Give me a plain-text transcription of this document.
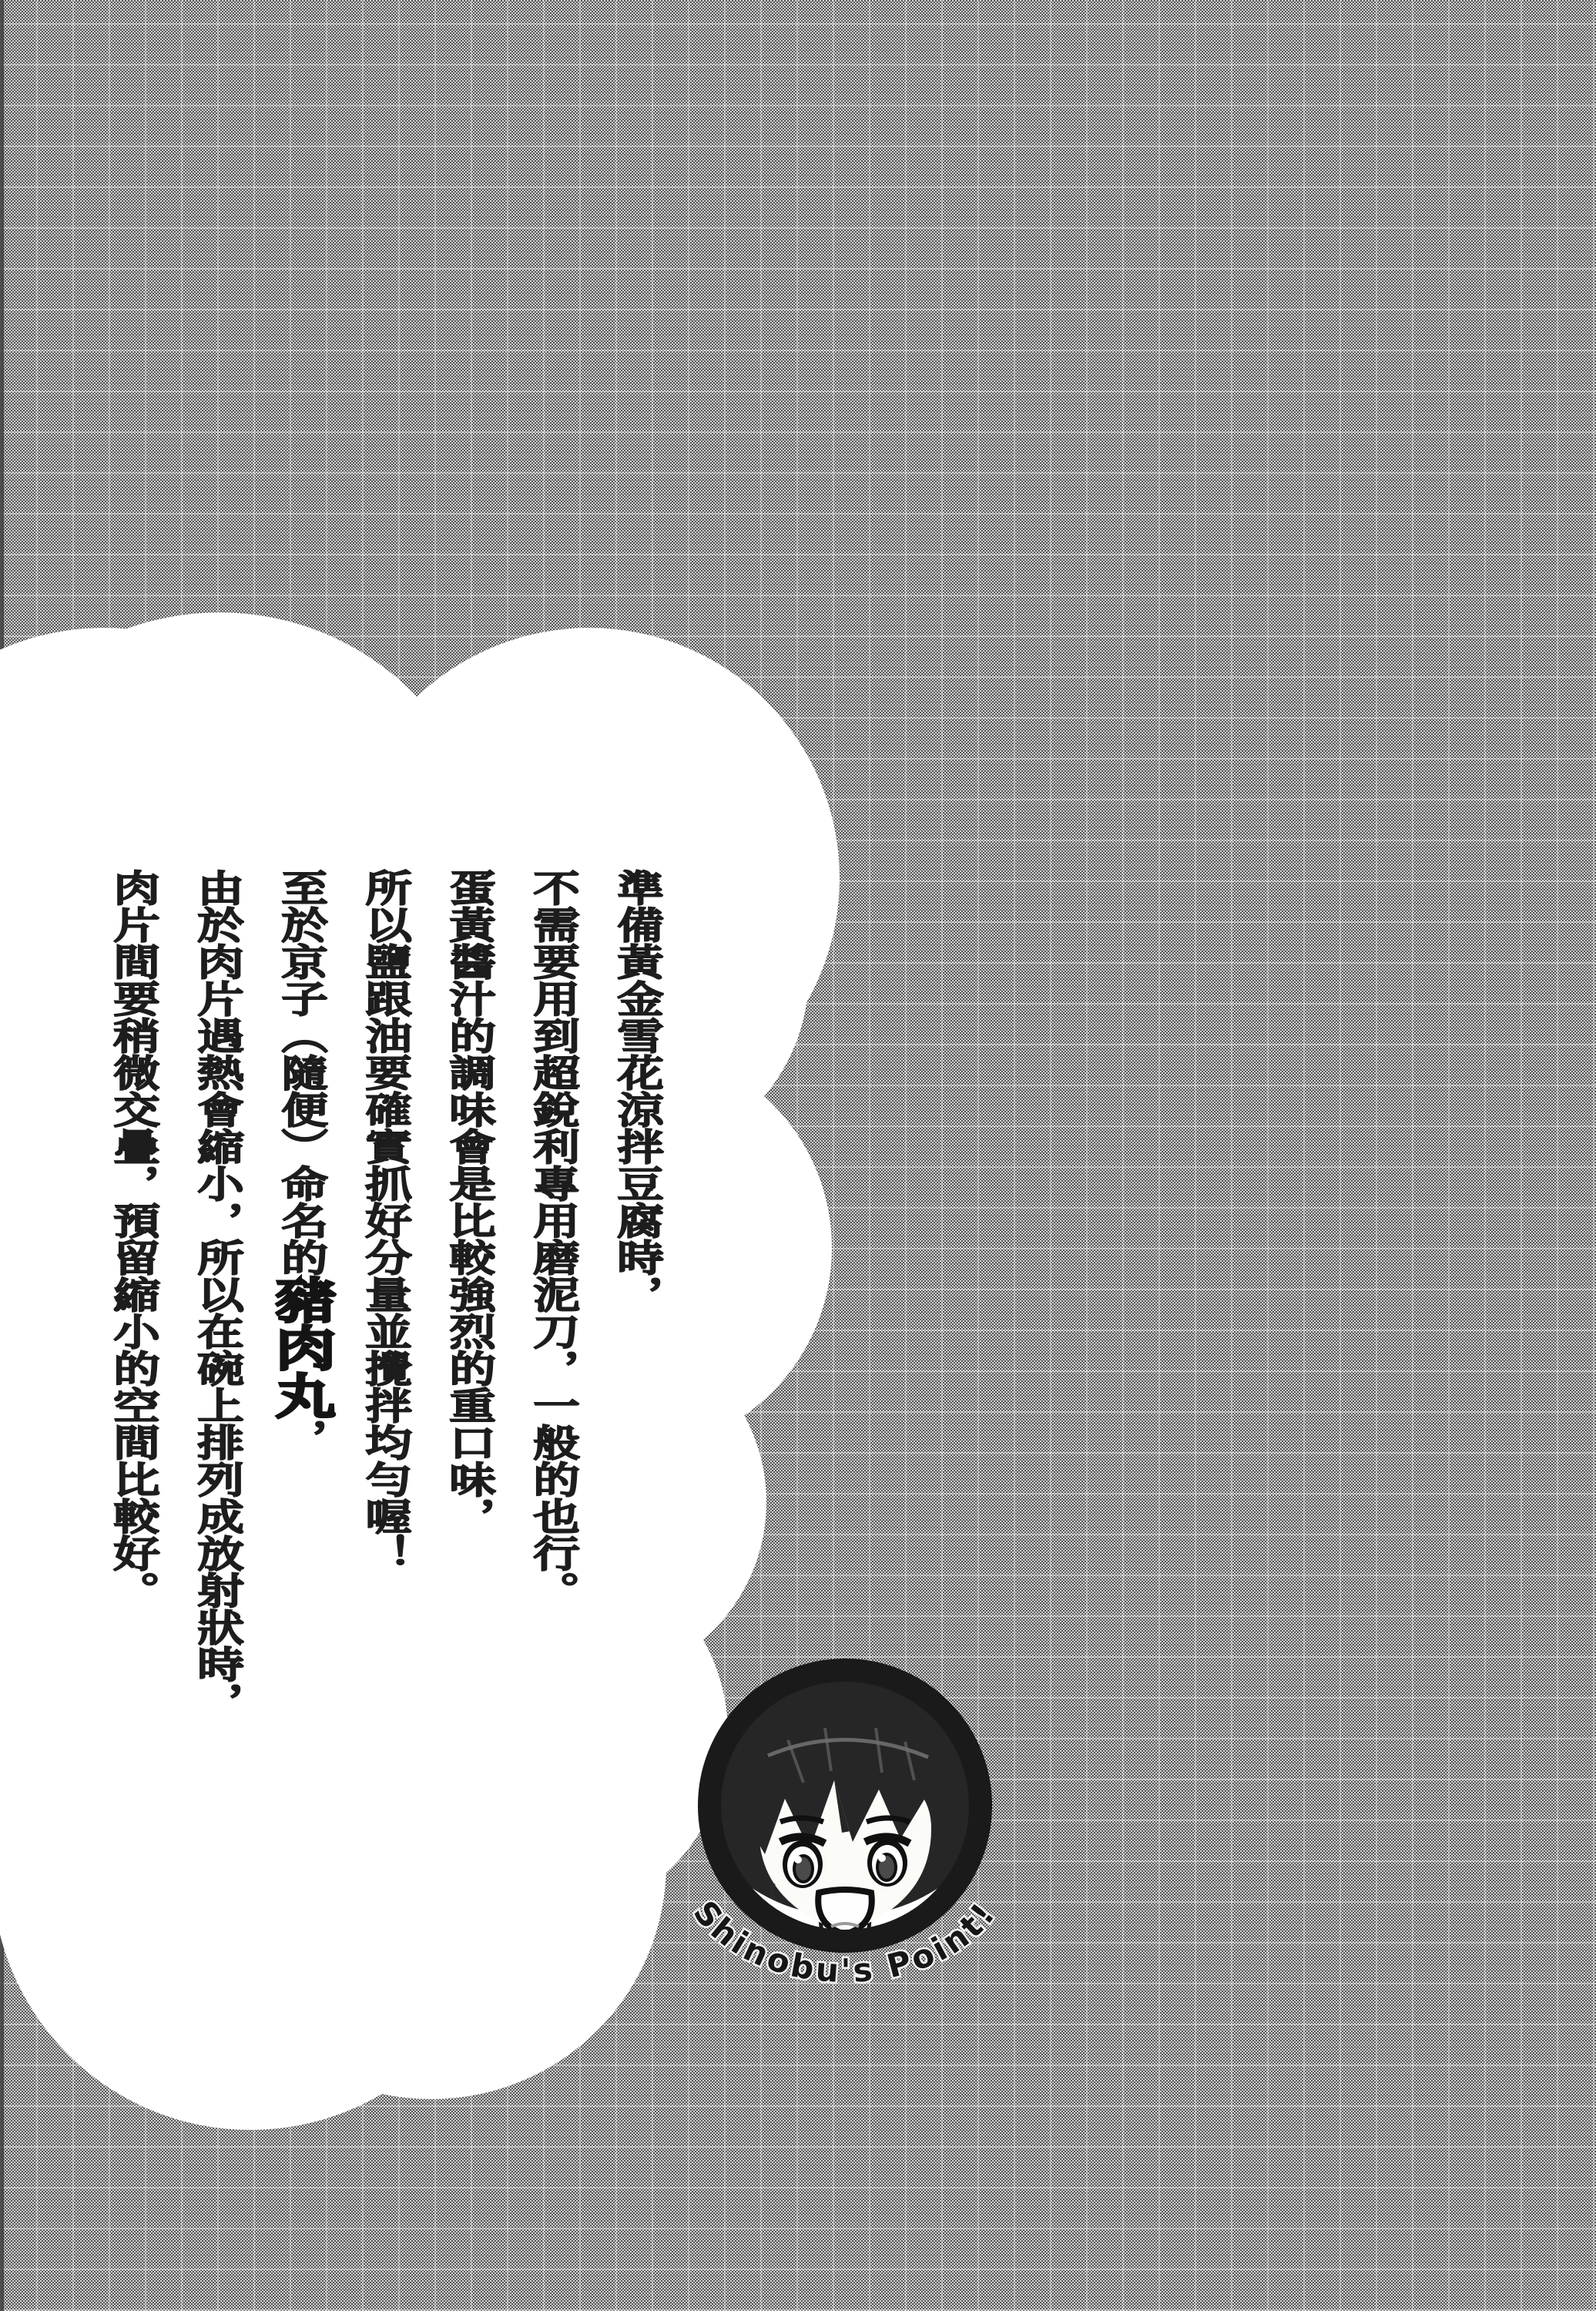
準備黃金雪花涼拌豆腐時，
不需要用到超銳利專用磨泥刀，一般的也行。
蛋黃醬汁的調味會是比較強烈的重口味，
所以鹽跟油要確實抓好分量並攪拌均勻喔！
至於京子（隨便）命名的豬肉丸，
由於肉片遇熱會縮小，所以在碗上排列成放射狀時，
肉片間要稍微交疊，預留縮小的空間比較好。
Shinobu's Point!
